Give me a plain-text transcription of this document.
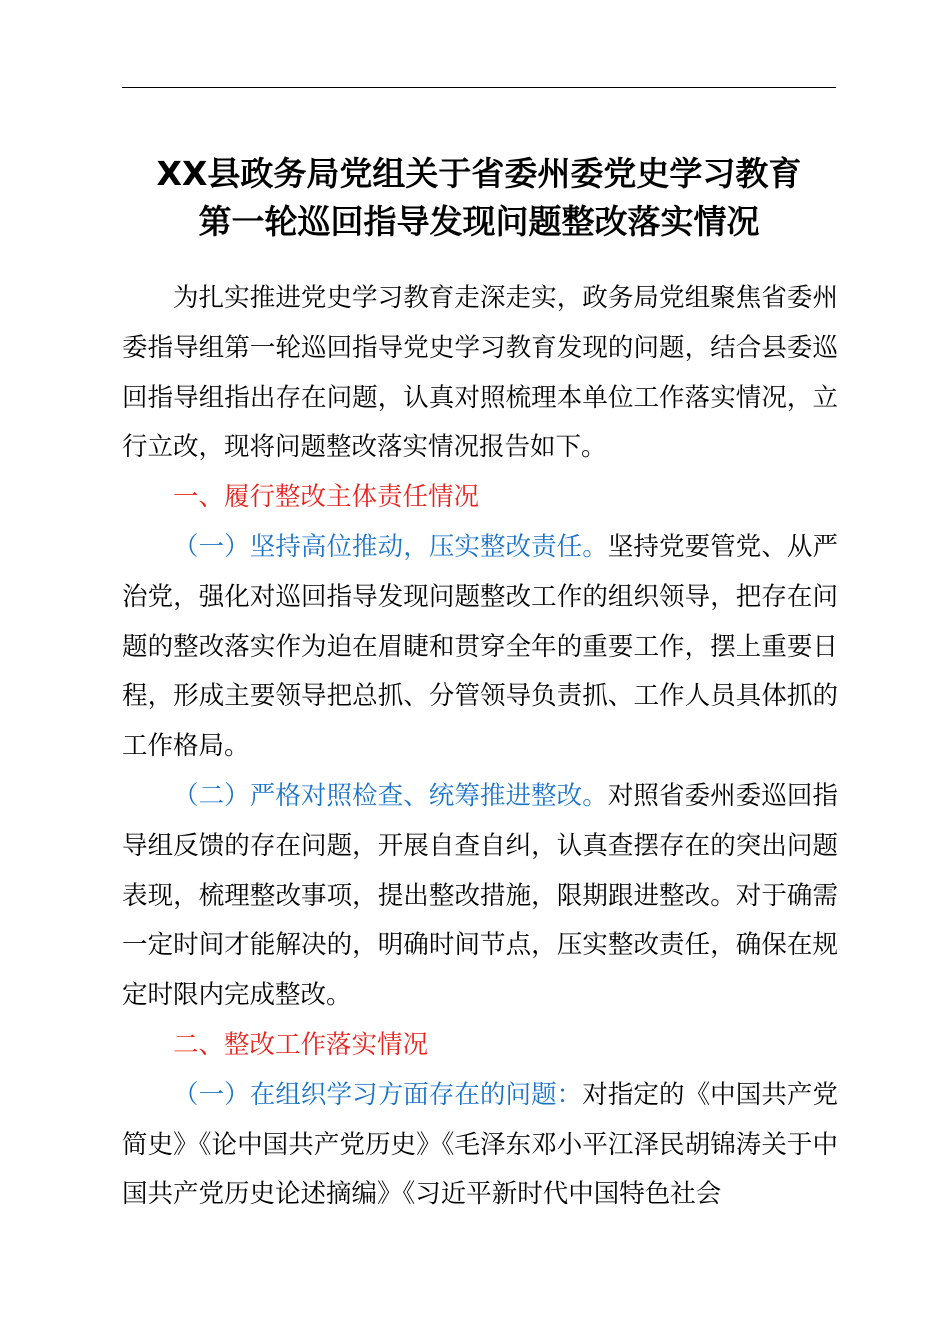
XX县政务局党组关于省委州委党史学习教育
第一轮巡回指导发现问题整改落实情况

为扎实推进党史学习教育走深走实，政务局党组聚焦省委州委指导组第一轮巡回指导党史学习教育发现的问题，结合县委巡回指导组指出存在问题，认真对照梳理本单位工作落实情况，立行立改，现将问题整改落实情况报告如下。

一、履行整改主体责任情况

（一）坚持高位推动，压实整改责任。坚持党要管党、从严治党，强化对巡回指导发现问题整改工作的组织领导，把存在问题的整改落实作为迫在眉睫和贯穿全年的重要工作，摆上重要日程，形成主要领导把总抓、分管领导负责抓、工作人员具体抓的工作格局。

（二）严格对照检查、统筹推进整改。对照省委州委巡回指导组反馈的存在问题，开展自查自纠，认真查摆存在的突出问题表现，梳理整改事项，提出整改措施，限期跟进整改。对于确需一定时间才能解决的，明确时间节点，压实整改责任，确保在规定时限内完成整改。

二、整改工作落实情况

（一）在组织学习方面存在的问题：对指定的《中国共产党简史》《论中国共产党历史》《毛泽东邓小平江泽民胡锦涛关于中国共产党历史论述摘编》《习近平新时代中国特色社会
